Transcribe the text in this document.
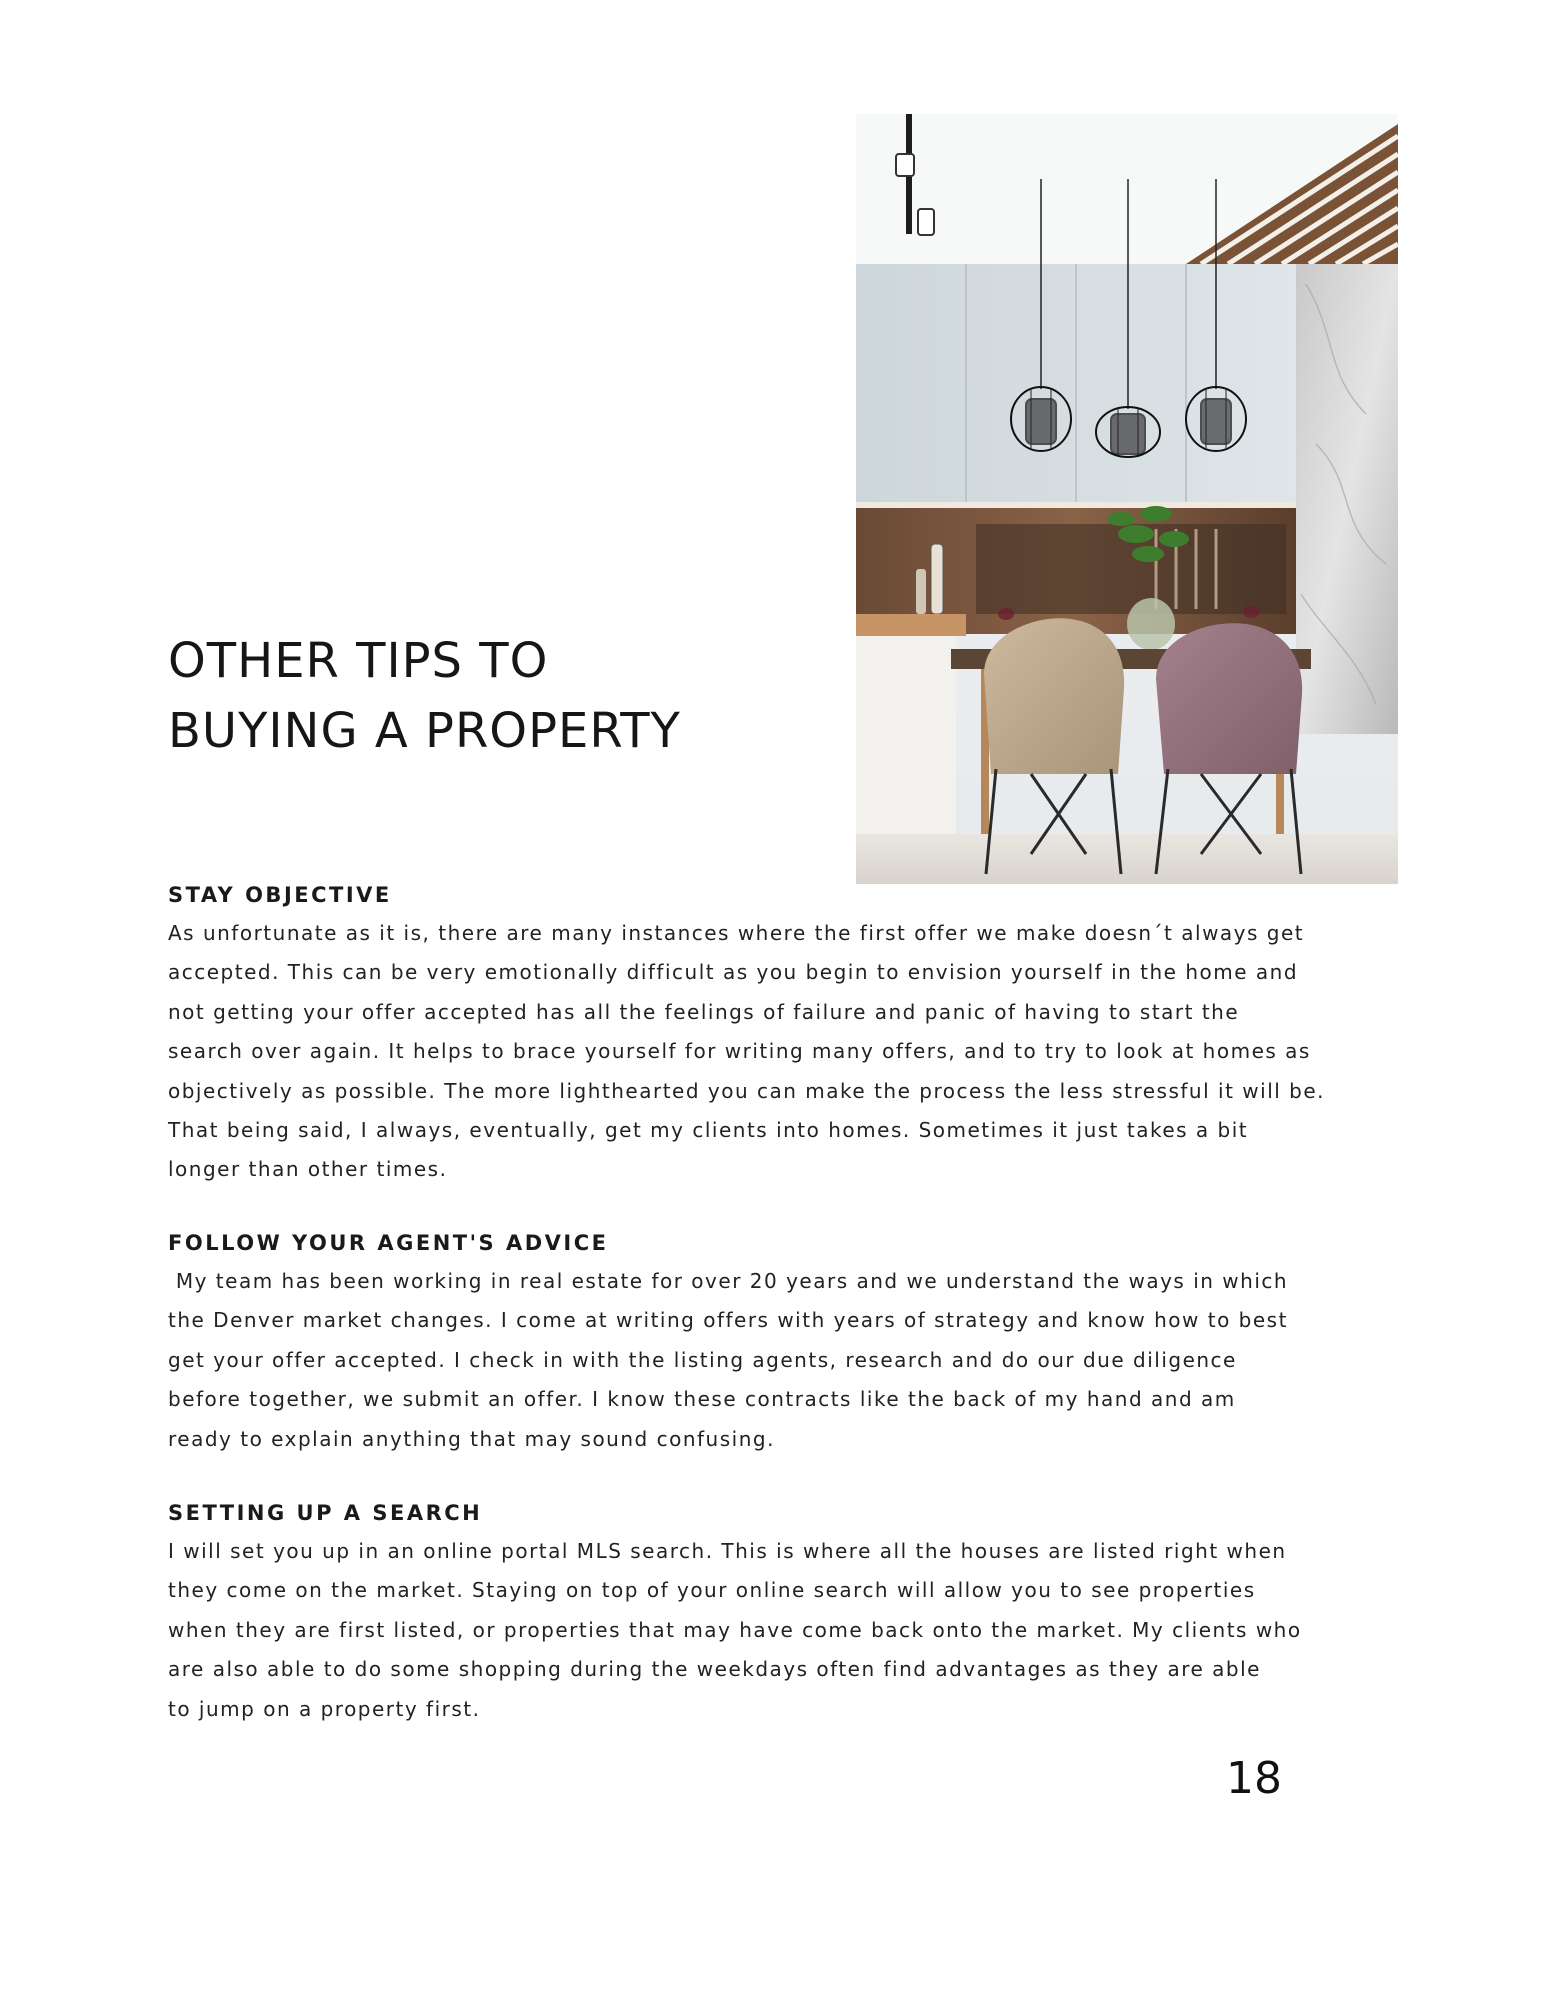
OTHER TIPS TO
BUYING A PROPERTY
STAY OBJECTIVE

As unfortunate as it is, there are many instances where the first offer we make doesn´t always get
accepted. This can be very emotionally difficult as you begin to envision yourself in the home and
not getting your offer accepted has all the feelings of failure and panic of having to start the
search over again. It helps to brace yourself for writing many offers, and to try to look at homes as
objectively as possible. The more lighthearted you can make the process the less stressful it will be.
That being said, I always, eventually, get my clients into homes. Sometimes it just takes a bit
longer than other times.

FOLLOW YOUR AGENT'S ADVICE

My team has been working in real estate for over 20 years and we understand the ways in which
the Denver market changes. I come at writing offers with years of strategy and know how to best
get your offer accepted. I check in with the listing agents, research and do our due diligence
before together, we submit an offer. I know these contracts like the back of my hand and am
ready to explain anything that may sound confusing.

SETTING UP A SEARCH

I will set you up in an online portal MLS search. This is where all the houses are listed right when
they come on the market. Staying on top of your online search will allow you to see properties
when they are first listed, or properties that may have come back onto the market. My clients who
are also able to do some shopping during the weekdays often find advantages as they are able
to jump on a property first.

18
